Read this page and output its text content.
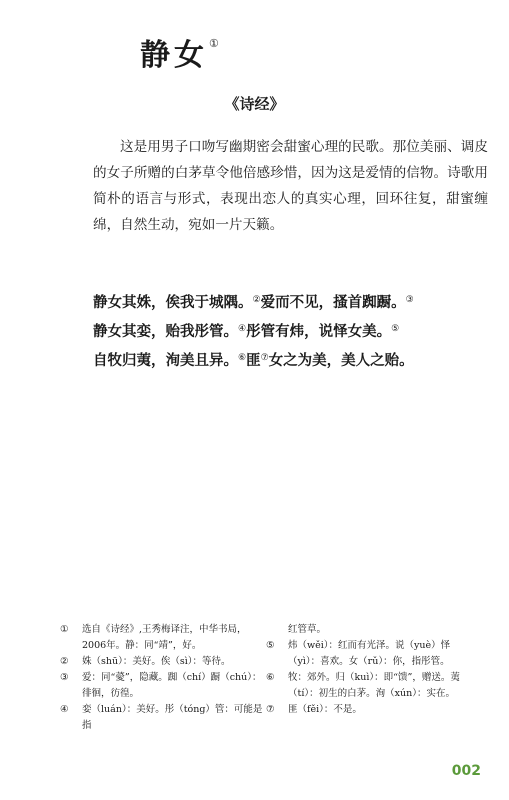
静女①
《诗经》
这是用男子口吻写幽期密会甜蜜心理的民歌。那位美丽、调皮的女子所赠的白茅草令他倍感珍惜，因为这是爱情的信物。诗歌用简朴的语言与形式，表现出恋人的真实心理，回环往复，甜蜜缠绵，自然生动，宛如一片天籁。
静女其姝，俟我于城隅。②爱而不见，搔首踟蹰。③
静女其娈，贻我彤管。④彤管有炜，说怿女美。⑤
自牧归荑，洵美且异。⑥匪⑦女之为美，美人之贻。
① 选自《诗经》,王秀梅译注，中华书局，2006年。静：同“靖”，好。
② 姝（shū）：美好。俟（sì）：等待。
③ 爱：同“薆”，隐藏。踟（chí）蹰（chú）：徘徊，彷徨。
④ 娈（luán）：美好。彤（tóng）管：可能是指
红管草。
⑤ 炜（wěi）：红而有光泽。说（yuè）怿（yì）：喜欢。女（rǔ）：你，指彤管。
⑥ 牧：郊外。归（kuì）：即“馈”，赠送。荑（tí）：初生的白茅。洵（xún）：实在。
⑦ 匪（fěi）：不是。
002
